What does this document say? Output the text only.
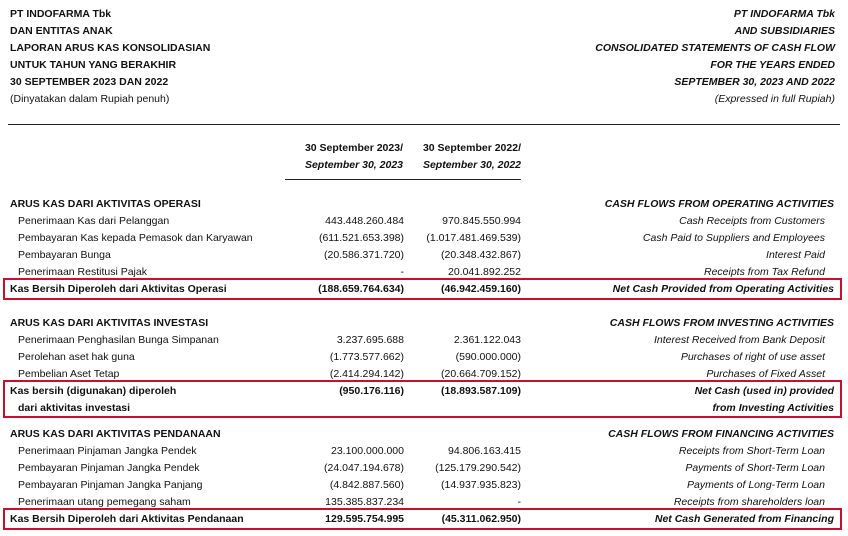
PT INDOFARMA Tbk
DAN ENTITAS ANAK
LAPORAN ARUS KAS KONSOLIDASIAN
UNTUK TAHUN YANG BERAKHIR
30 SEPTEMBER 2023 DAN 2022
(Dinyatakan dalam Rupiah penuh)
PT INDOFARMA Tbk
AND SUBSIDIARIES
CONSOLIDATED STATEMENTS OF CASH FLOW
FOR THE YEARS ENDED
SEPTEMBER 30, 2023 AND 2022
(Expressed in full Rupiah)
30 September 2023/
September 30, 2023
30 September 2022/
September 30, 2022
ARUS KAS DARI AKTIVITAS OPERASI	CASH FLOWS FROM OPERATING ACTIVITIES
Penerimaan Kas dari Pelanggan	443.448.260.484	970.845.550.994	Cash Receipts from Customers
Pembayaran Kas kepada Pemasok dan Karyawan	(611.521.653.398) (1.017.481.469.539)	Cash Paid to Suppliers and Employees
Pembayaran Bunga	(20.586.371.720)	(20.348.432.867)	Interest Paid
Penerimaan Restitusi Pajak	-	20.041.892.252	Receipts from Tax Refund
Kas Bersih Diperoleh dari Aktivitas Operasi	(188.659.764.634)	(46.942.459.160)	Net Cash Provided from Operating Activities
ARUS KAS DARI AKTIVITAS INVESTASI	CASH FLOWS FROM INVESTING ACTIVITIES
Penerimaan Penghasilan Bunga Simpanan	3.237.695.688	2.361.122.043	Interest Received from Bank Deposit
Perolehan aset hak guna	(1.773.577.662)	(590.000.000)	Purchases of right of use asset
Pembelian Aset Tetap	(2.414.294.142)	(20.664.709.152)	Purchases of Fixed Asset
Kas bersih (digunakan) diperoleh	(950.176.116)	(18.893.587.109)	Net Cash (used in) provided
dari aktivitas investasi	from Investing Activities
ARUS KAS DARI AKTIVITAS PENDANAAN	CASH FLOWS FROM FINANCING ACTIVITIES
Penerimaan Pinjaman Jangka Pendek	23.100.000.000	94.806.163.415	Receipts from Short-Term Loan
Pembayaran Pinjaman Jangka Pendek	(24.047.194.678)	(125.179.290.542)	Payments of Short-Term Loan
Pembayaran Pinjaman Jangka Panjang	(4.842.887.560)	(14.937.935.823)	Payments of Long-Term Loan
Penerimaan utang pemegang saham	135.385.837.234	-	Receipts from shareholders loan
Kas Bersih Diperoleh dari Aktivitas Pendanaan	129.595.754.995	(45.311.062.950)	Net Cash Generated from Financing
